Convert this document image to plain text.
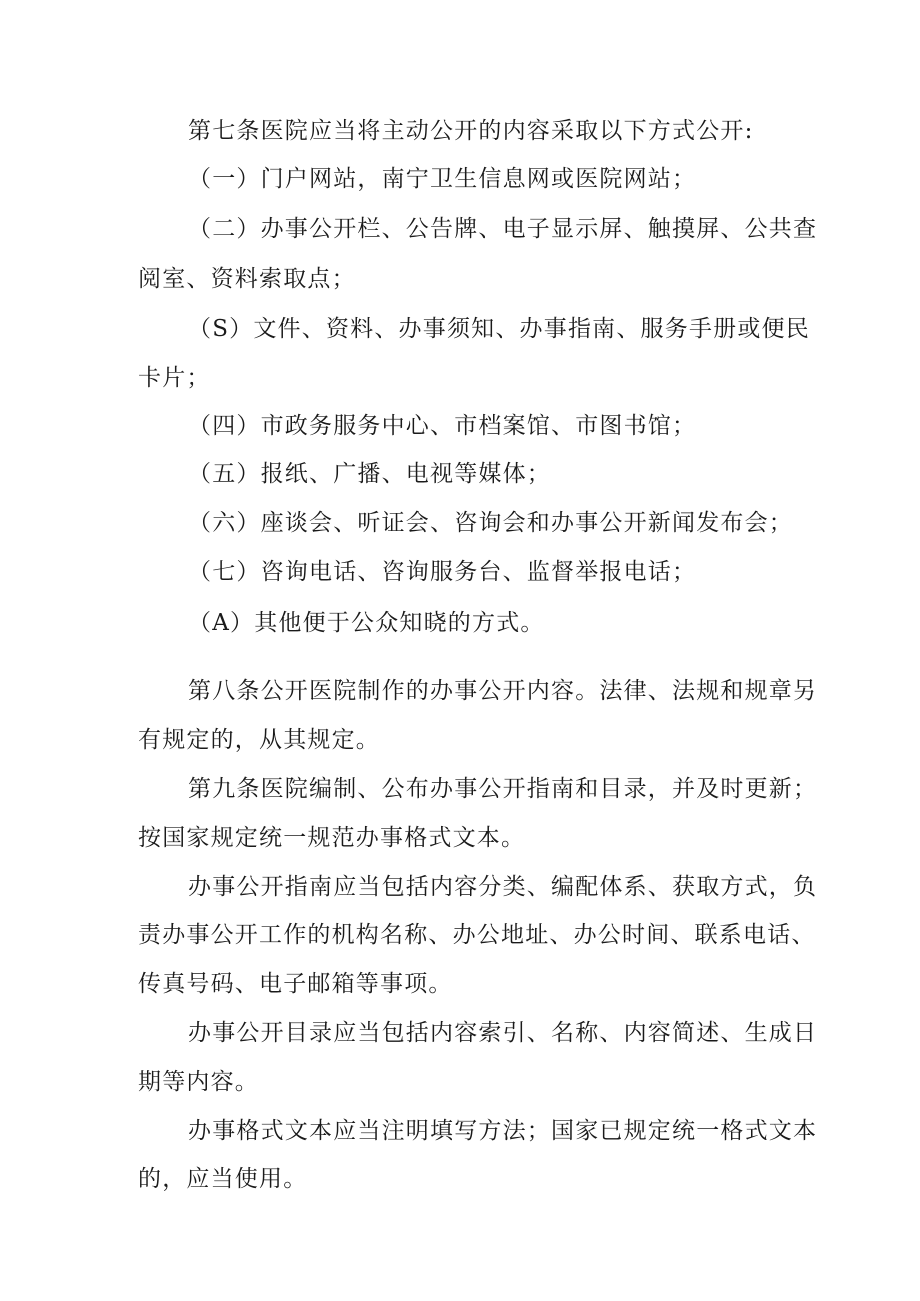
第七条医院应当将主动公开的内容采取以下方式公开:
（一）门户网站，南宁卫生信息网或医院网站；
（二）办事公开栏、公告牌、电子显示屏、触摸屏、公共查
阅室、资料索取点；
（S）文件、资料、办事须知、办事指南、服务手册或便民
卡片；
（四）市政务服务中心、市档案馆、市图书馆；
（五）报纸、广播、电视等媒体；
（六）座谈会、听证会、咨询会和办事公开新闻发布会；
（七）咨询电话、咨询服务台、监督举报电话；
（A）其他便于公众知晓的方式。
第八条公开医院制作的办事公开内容。法律、法规和规章另
有规定的，从其规定。
第九条医院编制、公布办事公开指南和目录，并及时更新；
按国家规定统一规范办事格式文本。
办事公开指南应当包括内容分类、编配体系、获取方式，负
责办事公开工作的机构名称、办公地址、办公时间、联系电话、
传真号码、电子邮箱等事项。
办事公开目录应当包括内容索引、名称、内容简述、生成日
期等内容。
办事格式文本应当注明填写方法；国家已规定统一格式文本
的，应当使用。
